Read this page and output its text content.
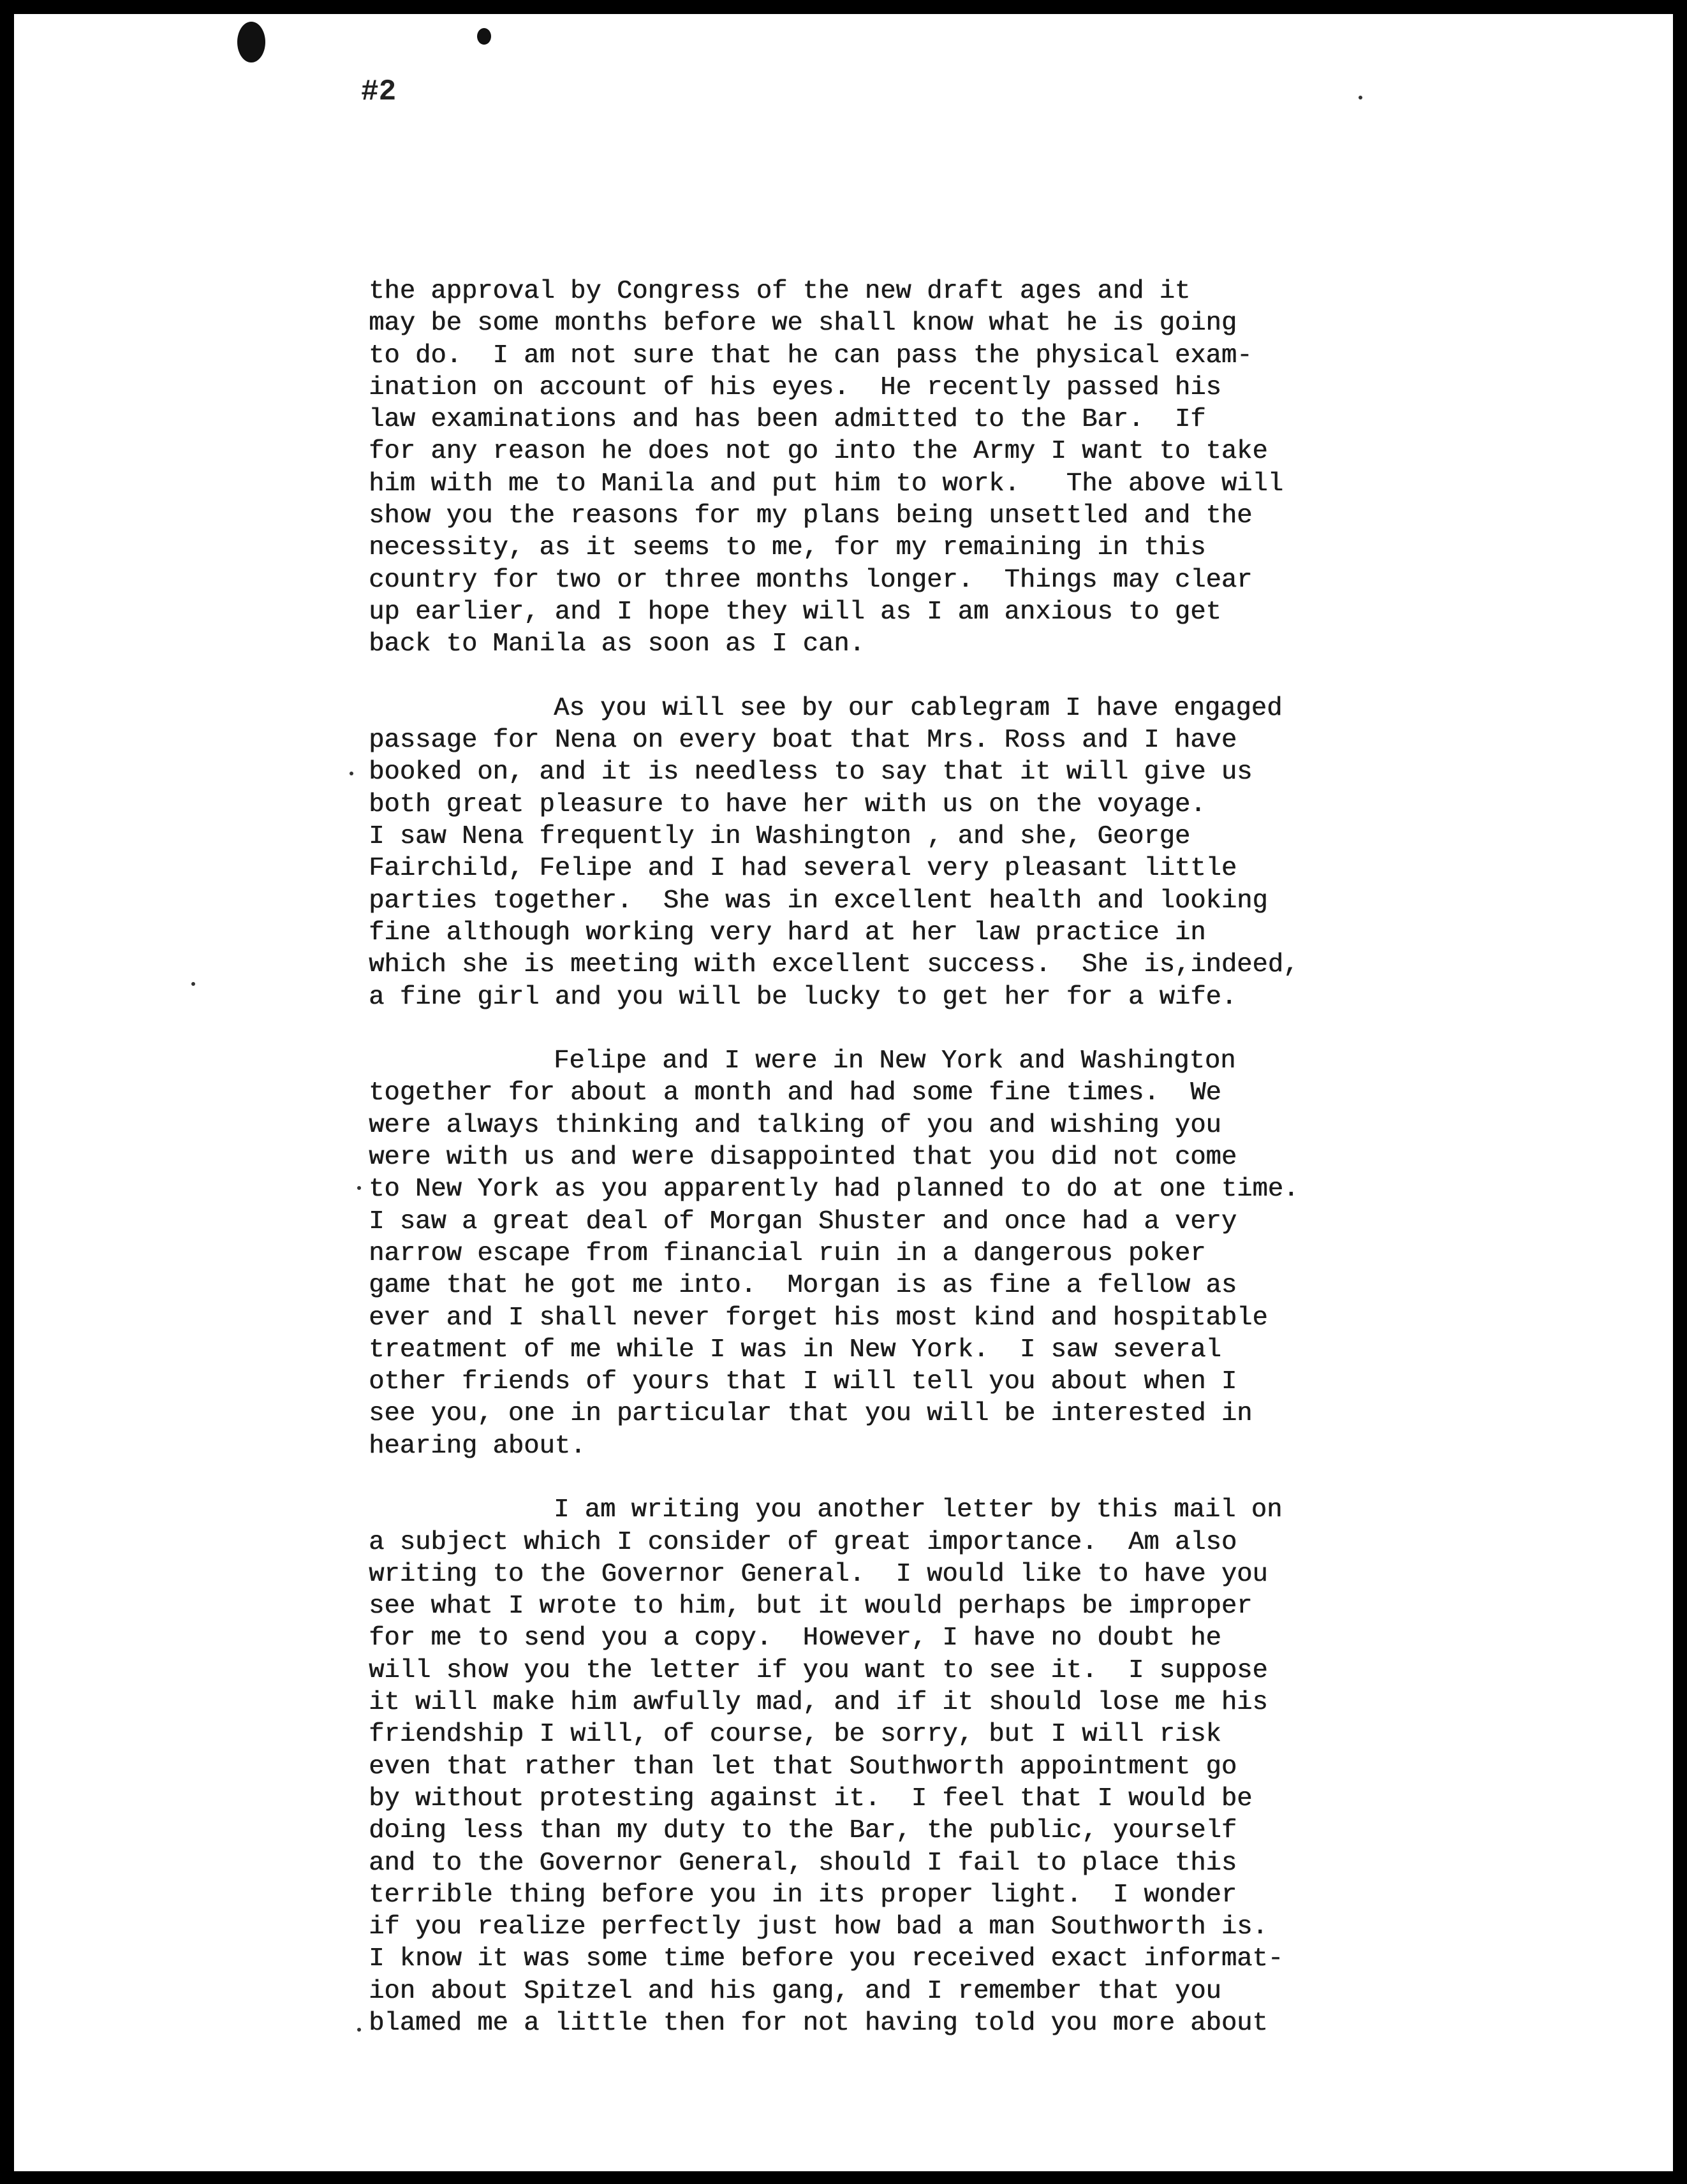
#2
the approval by Congress of the new draft ages and it
may be some months before we shall know what he is going
to do.  I am not sure that he can pass the physical exam-
ination on account of his eyes.  He recently passed his
law examinations and has been admitted to the Bar.  If
for any reason he does not go into the Army I want to take
him with me to Manila and put him to work.   The above will
show you the reasons for my plans being unsettled and the
necessity, as it seems to me, for my remaining in this
country for two or three months longer.  Things may clear
up earlier, and I hope they will as I am anxious to get
back to Manila as soon as I can.
As you will see by our cablegram I have engaged
passage for Nena on every boat that Mrs. Ross and I have
booked on, and it is needless to say that it will give us
both great pleasure to have her with us on the voyage.
I saw Nena frequently in Washington , and she, George
Fairchild, Felipe and I had several very pleasant little
parties together.  She was in excellent health and looking
fine although working very hard at her law practice in
which she is meeting with excellent success.  She is,indeed,
a fine girl and you will be lucky to get her for a wife.
Felipe and I were in New York and Washington
together for about a month and had some fine times.  We
were always thinking and talking of you and wishing you
were with us and were disappointed that you did not come
to New York as you apparently had planned to do at one time.
I saw a great deal of Morgan Shuster and once had a very
narrow escape from financial ruin in a dangerous poker
game that he got me into.  Morgan is as fine a fellow as
ever and I shall never forget his most kind and hospitable
treatment of me while I was in New York.  I saw several
other friends of yours that I will tell you about when I
see you, one in particular that you will be interested in
hearing about.
I am writing you another letter by this mail on
a subject which I consider of great importance.  Am also
writing to the Governor General.  I would like to have you
see what I wrote to him, but it would perhaps be improper
for me to send you a copy.  However, I have no doubt he
will show you the letter if you want to see it.  I suppose
it will make him awfully mad, and if it should lose me his
friendship I will, of course, be sorry, but I will risk
even that rather than let that Southworth appointment go
by without protesting against it.  I feel that I would be
doing less than my duty to the Bar, the public, yourself
and to the Governor General, should I fail to place this
terrible thing before you in its proper light.  I wonder
if you realize perfectly just how bad a man Southworth is.
I know it was some time before you received exact informat-
ion about Spitzel and his gang, and I remember that you
blamed me a little then for not having told you more about
